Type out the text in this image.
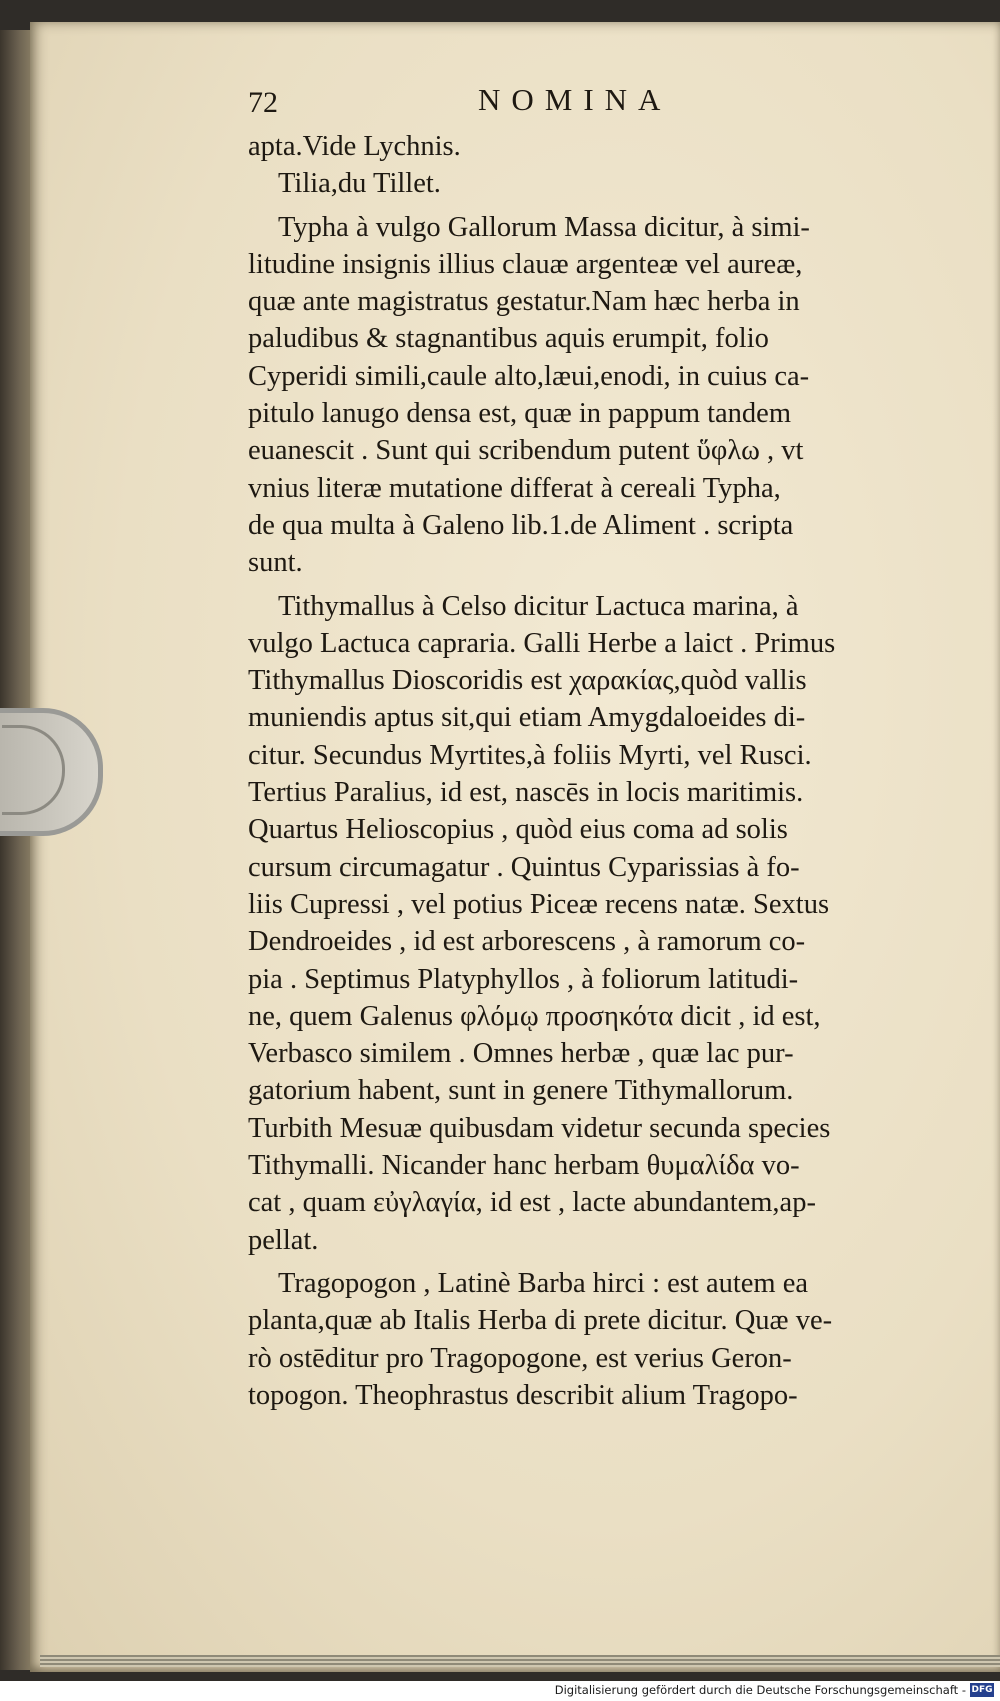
72	NOMINA
apta.Vide Lychnis.
Tilia,du Tillet.
Typha à vulgo Gallorum Massa dicitur, à simi-
litudine insignis illius clauæ argenteæ vel aureæ,
quæ ante magistratus gestatur.Nam hæc herba in
paludibus & stagnantibus aquis erumpit, folio
Cyperidi simili,caule alto,læui,enodi, in cuius ca-
pitulo lanugo densa est, quæ in pappum tandem
euanescit . Sunt qui scribendum putent ὕφλω , vt
vnius literæ mutatione differat à cereali Typha,
de qua multa à Galeno lib.1.de Aliment . scripta
sunt.
Tithymallus à Celso dicitur Lactuca marina, à
vulgo Lactuca capraria. Galli Herbe a laict . Primus
Tithymallus Dioscoridis est χαρακίας,quòd vallis
muniendis aptus sit,qui etiam Amygdaloeides di-
citur. Secundus Myrtites,à foliis Myrti, vel Rusci.
Tertius Paralius, id est, nascēs in locis maritimis.
Quartus Helioscopius , quòd eius coma ad solis
cursum circumagatur . Quintus Cyparissias à fo-
liis Cupressi , vel potius Piceæ recens natæ. Sextus
Dendroeides , id est arborescens , à ramorum co-
pia . Septimus Platyphyllos , à foliorum latitudi-
ne, quem Galenus φλόμῳ προσηκότα dicit , id est,
Verbasco similem . Omnes herbæ , quæ lac pur-
gatorium habent, sunt in genere Tithymallorum.
Turbith Mesuæ quibusdam videtur secunda species
Tithymalli. Nicander hanc herbam θυμαλίδα vo-
cat , quam εὐγλαγία, id est , lacte abundantem,ap-
pellat.
Tragopogon , Latinè Barba hirci : est autem ea
planta,quæ ab Italis Herba di prete dicitur. Quæ ve-
rò ostēditur pro Tragopogone, est verius Geron-
topogon. Theophrastus describit alium Tragopo-
Digitalisierung gefördert durch die Deutsche Forschungsgemeinschaft - DFG
